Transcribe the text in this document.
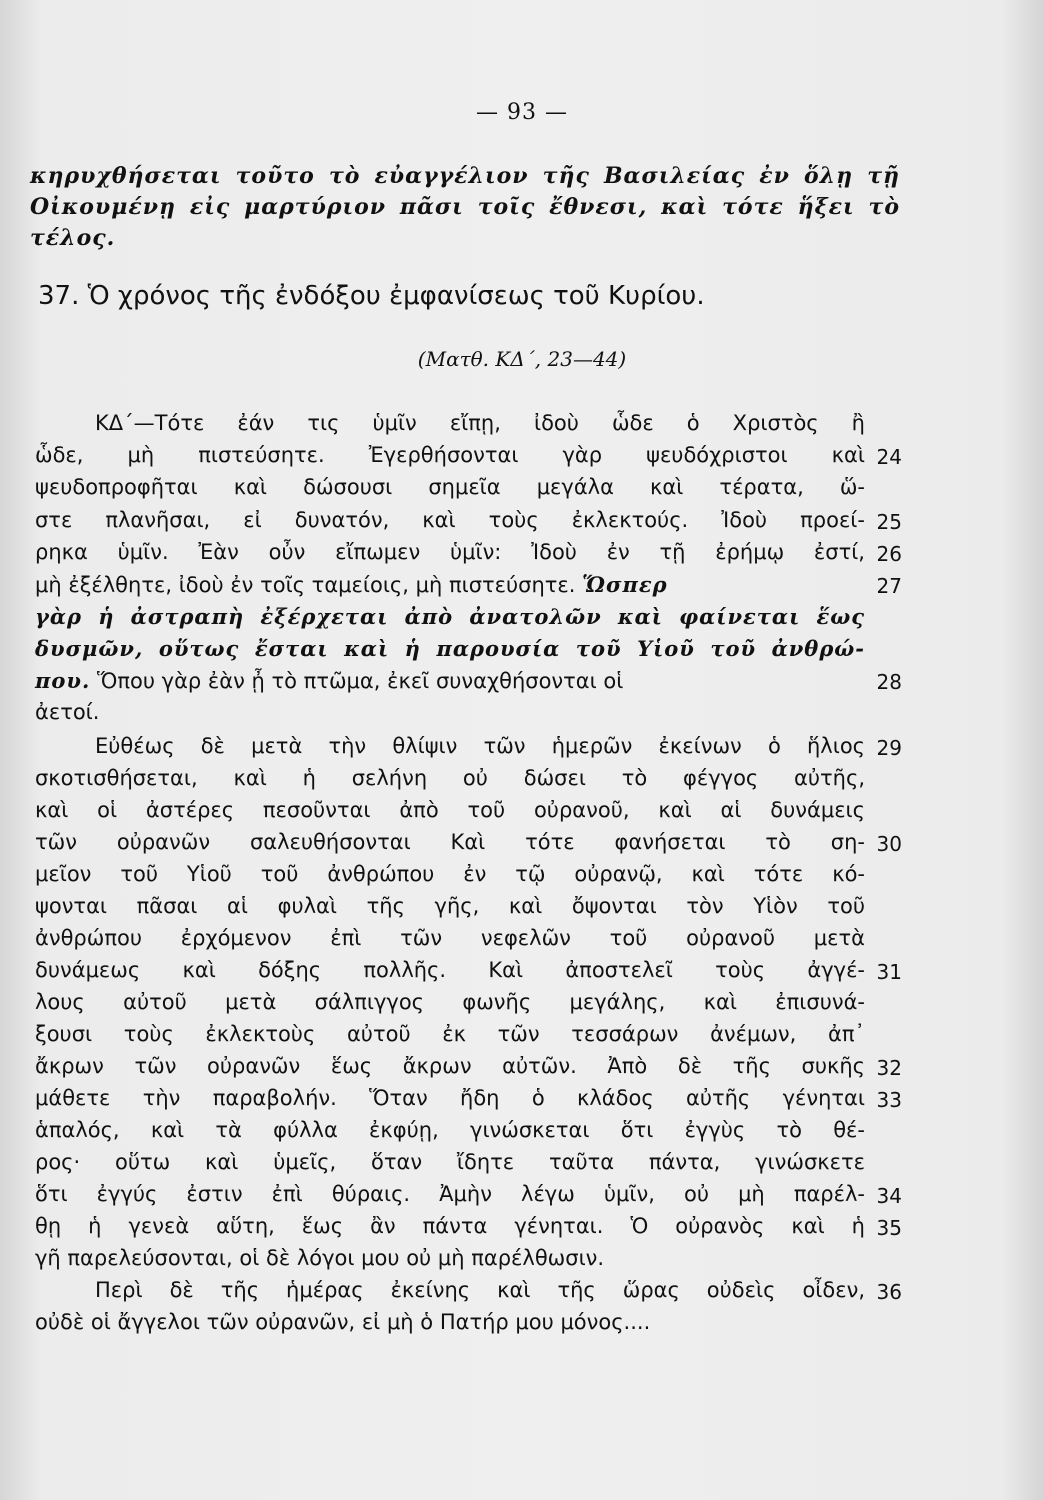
— 93 —
κηρυχθήσεται τοῦτο τὸ εὐαγγέλιον τῆς Βασιλείας ἐν ὅλῃ τῇ
Οἰκουμένῃ εἰς μαρτύριον πᾶσι τοῖς ἔθνεσι, καὶ τότε ἥξει τὸ
τέλος.
37. Ὁ χρόνος τῆς ἐνδόξου ἐμφανίσεως τοῦ Κυρίου.
(Ματθ. ΚΔ΄, 23—44)
ΚΔ΄—Τότε ἐάν τις ὑμῖν εἴπῃ, ἰδοὺ ὧδε ὁ Χριστὸς ἢ
ὧδε, μὴ πιστεύσητε. Ἐγερθήσονται γὰρ ψευδόχριστοι καὶ
ψευδοπροφῆται καὶ δώσουσι σημεῖα μεγάλα καὶ τέρατα, ὥ-
στε πλανῆσαι, εἰ δυνατόν, καὶ τοὺς ἐκλεκτούς. Ἰδοὺ προεί-
ρηκα ὑμῖν. Ἐὰν οὖν εἴπωμεν ὑμῖν: Ἰδοὺ ἐν τῇ ἐρήμῳ ἐστί,
μὴ ἐξέλθητε, ἰδοὺ ἐν τοῖς ταμείοις, μὴ πιστεύσητε. Ὥσπερ
γὰρ ἡ ἀστραπὴ ἐξέρχεται ἀπὸ ἀνατολῶν καὶ φαίνεται ἕως
δυσμῶν, οὕτως ἔσται καὶ ἡ παρουσία τοῦ Υἱοῦ τοῦ ἀνθρώ-
που. Ὅπου γὰρ ἐὰν ᾖ τὸ πτῶμα, ἐκεῖ συναχθήσονται οἱ
ἀετοί.
Εὐθέως δὲ μετὰ τὴν θλίψιν τῶν ἡμερῶν ἐκείνων ὁ ἥλιος
σκοτισθήσεται, καὶ ἡ σελήνη οὐ δώσει τὸ φέγγος αὐτῆς,
καὶ οἱ ἀστέρες πεσοῦνται ἀπὸ τοῦ οὐρανοῦ, καὶ αἱ δυνάμεις
τῶν οὐρανῶν σαλευθήσονται Καὶ τότε φανήσεται τὸ ση-
μεῖον τοῦ Υἱοῦ τοῦ ἀνθρώπου ἐν τῷ οὐρανῷ, καὶ τότε κό-
ψονται πᾶσαι αἱ φυλαὶ τῆς γῆς, καὶ ὄψονται τὸν Υἱὸν τοῦ
ἀνθρώπου ἐρχόμενον ἐπὶ τῶν νεφελῶν τοῦ οὐρανοῦ μετὰ
δυνάμεως καὶ δόξης πολλῆς. Καὶ ἀποστελεῖ τοὺς ἀγγέ-
λους αὐτοῦ μετὰ σάλπιγγος φωνῆς μεγάλης, καὶ ἐπισυνά-
ξουσι τοὺς ἐκλεκτοὺς αὐτοῦ ἐκ τῶν τεσσάρων ἀνέμων, ἀπ᾽
ἄκρων τῶν οὐρανῶν ἕως ἄκρων αὐτῶν. Ἀπὸ δὲ τῆς συκῆς
μάθετε τὴν παραβολήν. Ὅταν ἤδη ὁ κλάδος αὐτῆς γένηται
ἁπαλός, καὶ τὰ φύλλα ἐκφύῃ, γινώσκεται ὅτι ἐγγὺς τὸ θέ-
ρος· οὕτω καὶ ὑμεῖς, ὅταν ἴδητε ταῦτα πάντα, γινώσκετε
ὅτι ἐγγύς ἐστιν ἐπὶ θύραις. Ἀμὴν λέγω ὑμῖν, οὐ μὴ παρέλ-
θῃ ἡ γενεὰ αὕτη, ἕως ἂν πάντα γένηται. Ὁ οὐρανὸς καὶ ἡ
γῆ παρελεύσονται, οἱ δὲ λόγοι μου οὐ μὴ παρέλθωσιν.
Περὶ δὲ τῆς ἡμέρας ἐκείνης καὶ τῆς ὥρας οὐδεὶς οἶδεν,
οὐδὲ οἱ ἄγγελοι τῶν οὐρανῶν, εἰ μὴ ὁ Πατήρ μου μόνος....
24
25
26
27
28
29
30
31
32
33
34
35
36
